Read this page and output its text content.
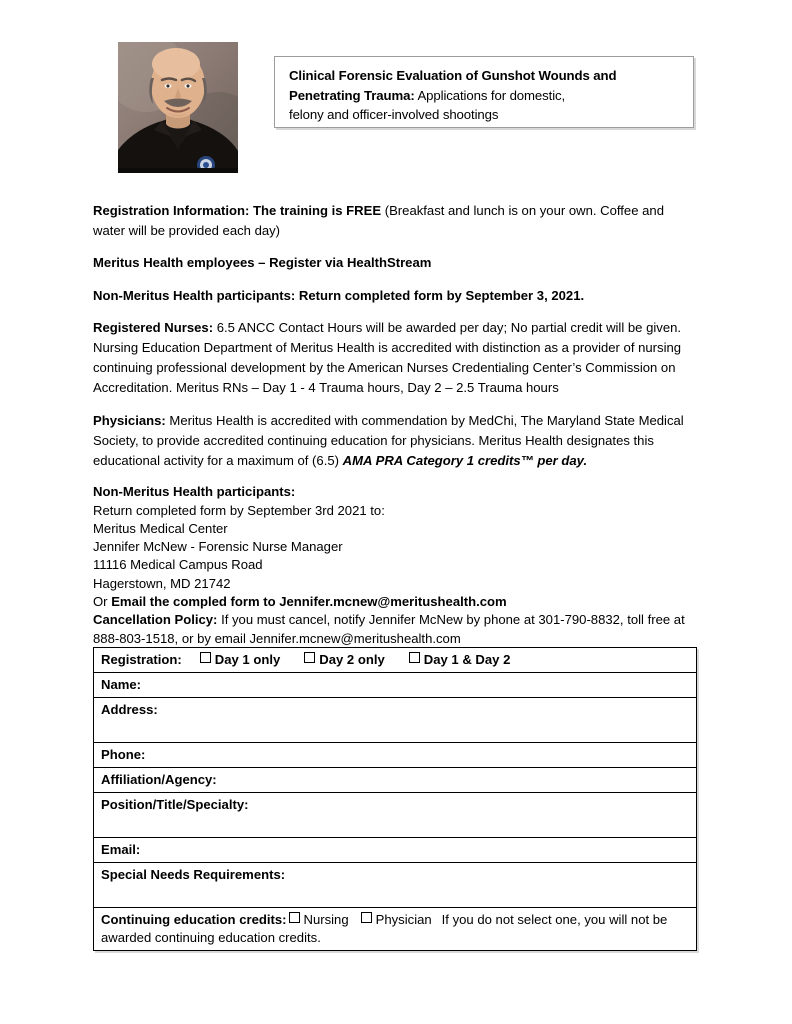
Clinical Forensic Evaluation of Gunshot Wounds and
Penetrating Trauma: Applications for domestic,
felony and officer-involved shootings

Registration Information: The training is FREE (Breakfast and lunch is on your own. Coffee and water will be provided each day)

Meritus Health employees – Register via HealthStream

Non-Meritus Health participants: Return completed form by September 3, 2021.

Registered Nurses: 6.5 ANCC Contact Hours will be awarded per day; No partial credit will be given. Nursing Education Department of Meritus Health is accredited with distinction as a provider of nursing continuing professional development by the American Nurses Credentialing Center’s Commission on Accreditation. Meritus RNs – Day 1 - 4 Trauma hours, Day 2 – 2.5 Trauma hours

Physicians: Meritus Health is accredited with commendation by MedChi, The Maryland State Medical Society, to provide accredited continuing education for physicians. Meritus Health designates this educational activity for a maximum of (6.5) AMA PRA Category 1 credits™ per day.

Non-Meritus Health participants:
Return completed form by September 3rd 2021 to:
Meritus Medical Center
Jennifer McNew - Forensic Nurse Manager
11116 Medical Campus Road
Hagerstown, MD 21742
Or Email the compled form to Jennifer.mcnew@meritushealth.com
Cancellation Policy: If you must cancel, notify Jennifer McNew by phone at 301-790-8832, toll free at 888-803-1518, or by email Jennifer.mcnew@meritushealth.com
Registration:	Day 1 only	Day 2 only	Day 1 & Day 2
Name:
Address:
Phone:
Affiliation/Agency:
Position/Title/Specialty:
Email:
Special Needs Requirements:
Continuing education credits: Nursing Physician If you do not select one, you will not be awarded continuing education credits.
